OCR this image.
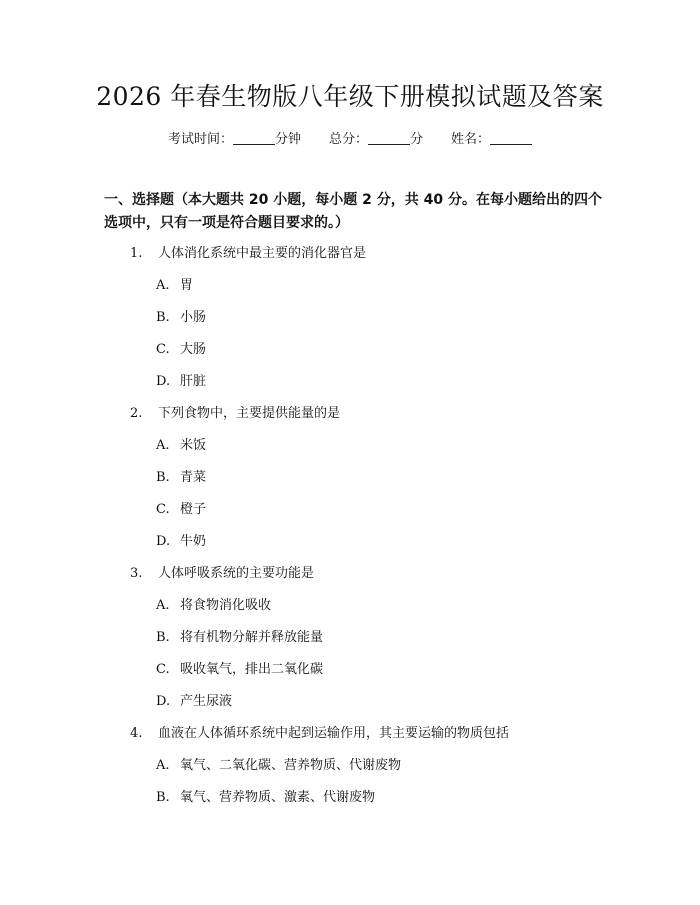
2026 年春生物版八年级下册模拟试题及答案
考试时间：	分钟 总分：	分 姓名：
一、选择题（本大题共 20 小题，每小题 2 分，共 40 分。在每小题给出的四个选项中，只有一项是符合题目要求的。）
1. 人体消化系统中最主要的消化器官是
A. 胃
B. 小肠
C. 大肠
D. 肝脏
2. 下列食物中，主要提供能量的是
A. 米饭
B. 青菜
C. 橙子
D. 牛奶
3. 人体呼吸系统的主要功能是
A. 将食物消化吸收
B. 将有机物分解并释放能量
C. 吸收氧气，排出二氧化碳
D. 产生尿液
4. 血液在人体循环系统中起到运输作用，其主要运输的物质包括
A. 氧气、二氧化碳、营养物质、代谢废物
B. 氧气、营养物质、激素、代谢废物
